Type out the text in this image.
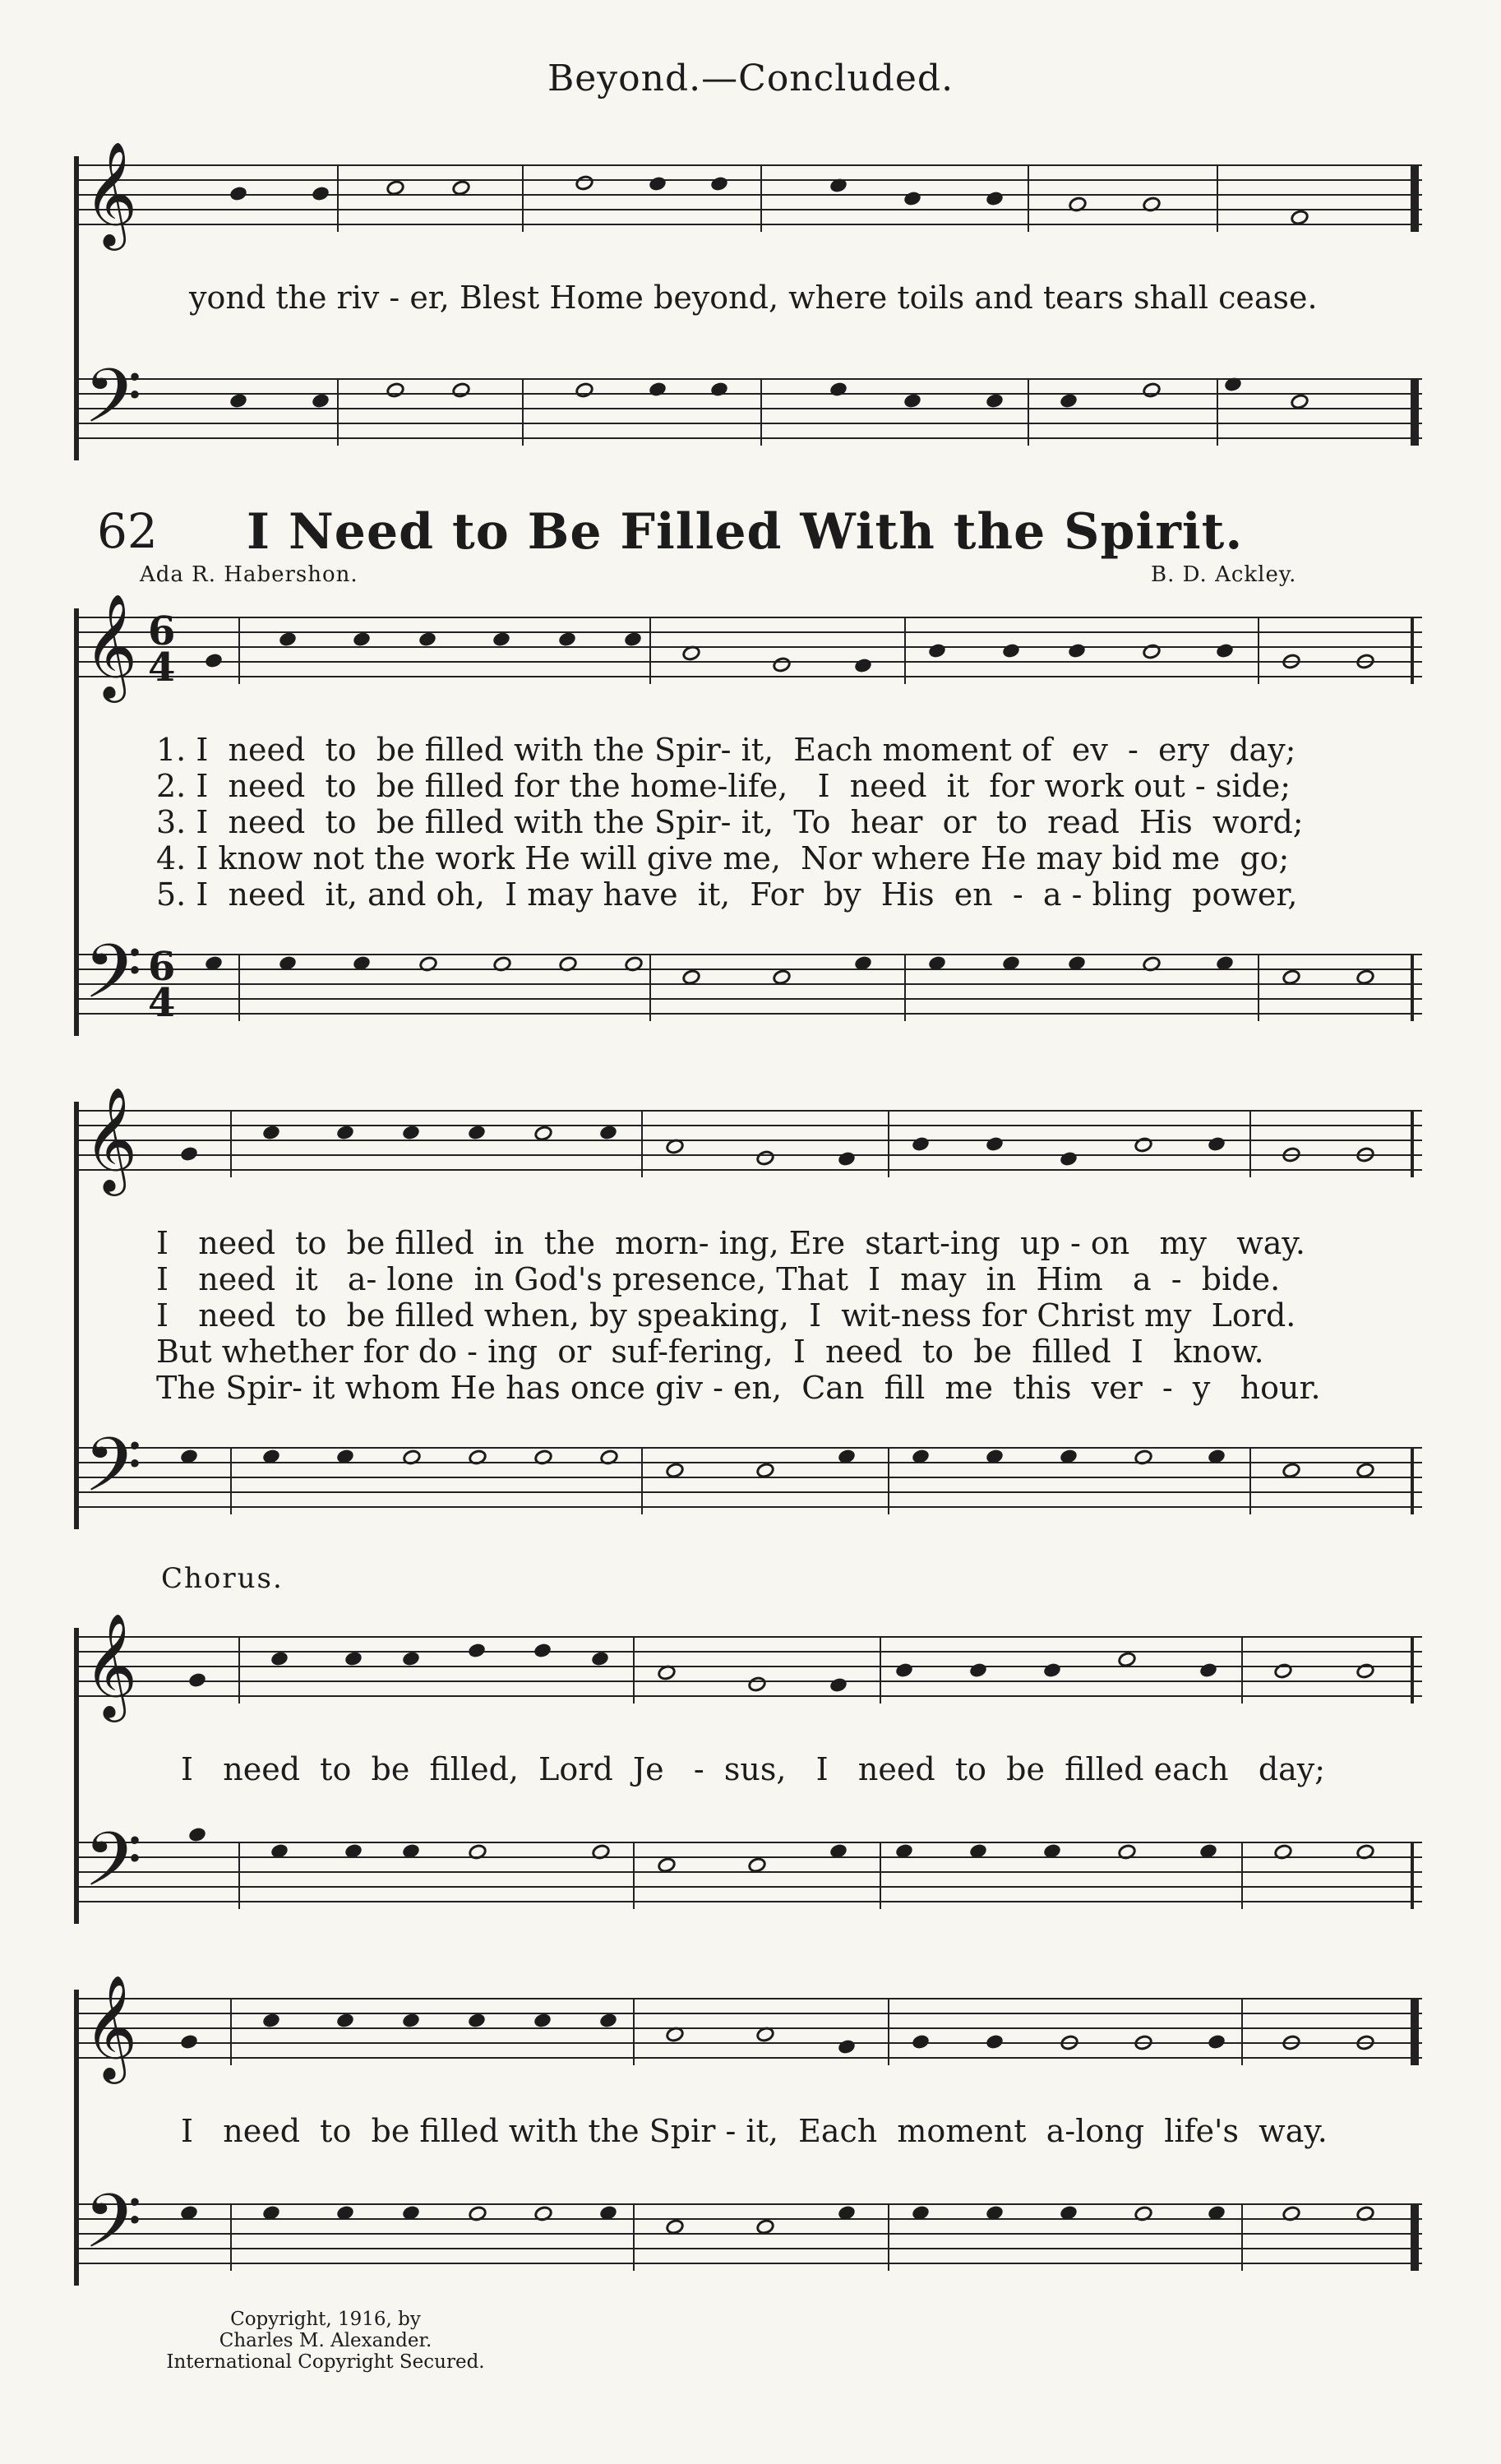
Beyond.—Concluded.
𝄞
𝄢
yond the riv - er, Blest Home beyond, where toils and tears shall cease.
62 I Need to Be Filled With the Spirit.
Ada R. Habershon.	B. D. Ackley.
𝄞 6
4
𝄢 6
4
1. I  need  to  be filled with the Spir- it,  Each moment of  ev  -  ery  day;
2. I  need  to  be filled for the home-life,   I  need  it  for work out - side;
3. I  need  to  be filled with the Spir- it,  To  hear  or  to  read  His  word;
4. I know not the work He will give me,  Nor where He may bid me  go;
5. I  need  it, and oh,  I may have  it,  For  by  His  en  -  a - bling  power,
𝄞
𝄢
I   need  to  be filled  in  the  morn- ing, Ere  start-ing  up - on   my   way.
I   need  it   a- lone  in God's presence, That  I  may  in  Him   a  -  bide.
I   need  to  be filled when, by speaking,  I  wit-ness for Christ my  Lord.
But whether for do - ing  or  suf-fering,  I  need  to  be  filled  I   know.
The Spir- it whom He has once giv - en,  Can  fill  me  this  ver  -  y   hour.
Chorus.
𝄞
𝄢
I   need  to  be  filled,  Lord  Je   -  sus,   I   need  to  be  filled each   day;
𝄞
𝄢
I   need  to  be filled with the Spir - it,  Each  moment  a-long  life's  way.
Copyright, 1916, by
Charles M. Alexander.
International Copyright Secured.
